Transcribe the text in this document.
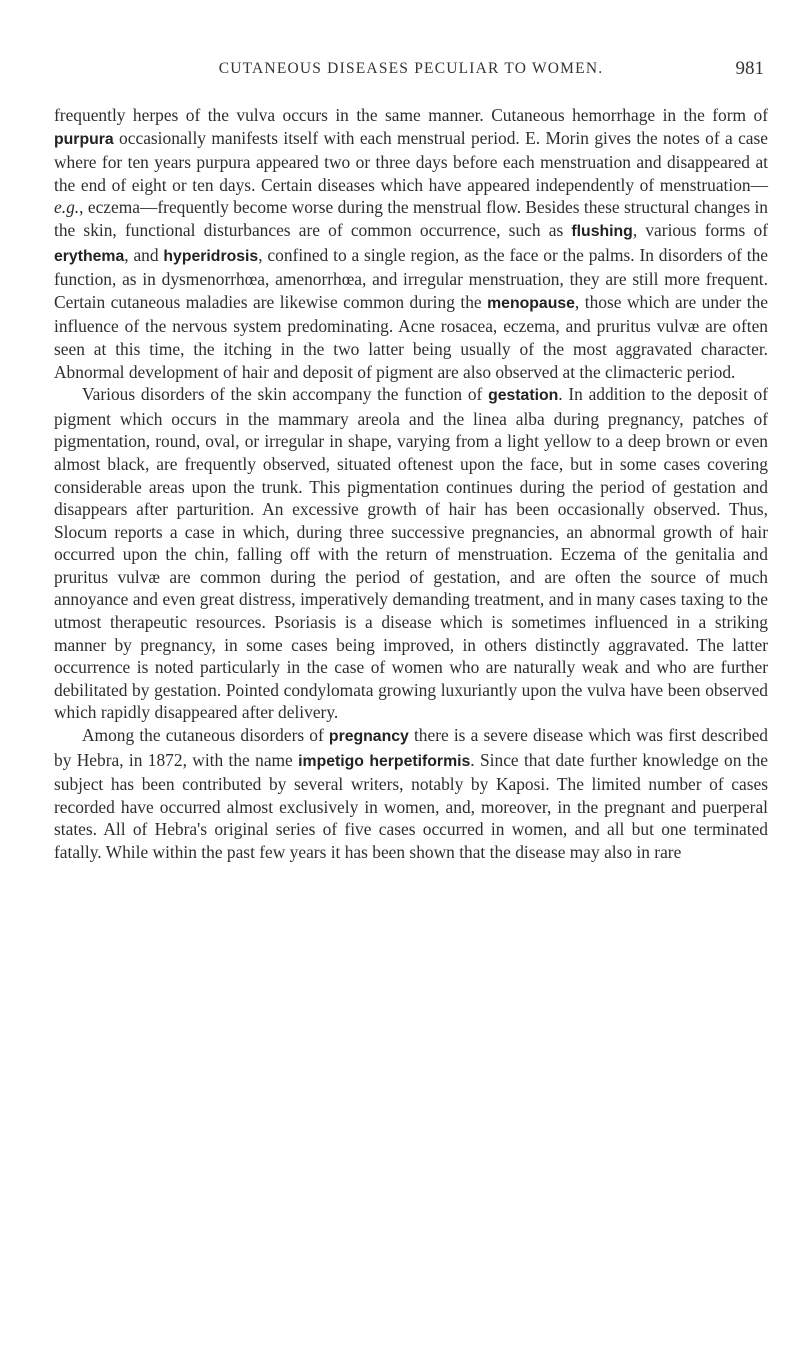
CUTANEOUS DISEASES PECULIAR TO WOMEN.	981

frequently herpes of the vulva occurs in the same manner. Cutaneous hemorrhage in the form of purpura occasionally manifests itself with each menstrual period. E. Morin gives the notes of a case where for ten years purpura appeared two or three days before each menstruation and disappeared at the end of eight or ten days. Certain diseases which have appeared independently of menstruation—e.g., eczema—frequently become worse during the menstrual flow. Besides these structural changes in the skin, functional disturbances are of common occurrence, such as flushing, various forms of erythema, and hyperidrosis, confined to a single region, as the face or the palms. In disorders of the function, as in dysmenorrhœa, amenorrhœa, and irregular menstruation, they are still more frequent. Certain cutaneous maladies are likewise common during the menopause, those which are under the influence of the nervous system predominating. Acne rosacea, eczema, and pruritus vulvæ are often seen at this time, the itching in the two latter being usually of the most aggravated character. Abnormal development of hair and deposit of pigment are also observed at the climacteric period.

Various disorders of the skin accompany the function of gestation. In addition to the deposit of pigment which occurs in the mammary areola and the linea alba during pregnancy, patches of pigmentation, round, oval, or irregular in shape, varying from a light yellow to a deep brown or even almost black, are frequently observed, situated oftenest upon the face, but in some cases covering considerable areas upon the trunk. This pigmentation continues during the period of gestation and disappears after parturition. An excessive growth of hair has been occasionally observed. Thus, Slocum reports a case in which, during three successive pregnancies, an abnormal growth of hair occurred upon the chin, falling off with the return of menstruation. Eczema of the genitalia and pruritus vulvæ are common during the period of gestation, and are often the source of much annoyance and even great distress, imperatively demanding treatment, and in many cases taxing to the utmost therapeutic resources. Psoriasis is a disease which is sometimes influenced in a striking manner by pregnancy, in some cases being improved, in others distinctly aggravated. The latter occurrence is noted particularly in the case of women who are naturally weak and who are further debilitated by gestation. Pointed condylomata growing luxuriantly upon the vulva have been observed which rapidly disappeared after delivery.

Among the cutaneous disorders of pregnancy there is a severe disease which was first described by Hebra, in 1872, with the name impetigo herpetiformis. Since that date further knowledge on the subject has been contributed by several writers, notably by Kaposi. The limited number of cases recorded have occurred almost exclusively in women, and, moreover, in the pregnant and puerperal states. All of Hebra's original series of five cases occurred in women, and all but one terminated fatally. While within the past few years it has been shown that the disease may also in rare
